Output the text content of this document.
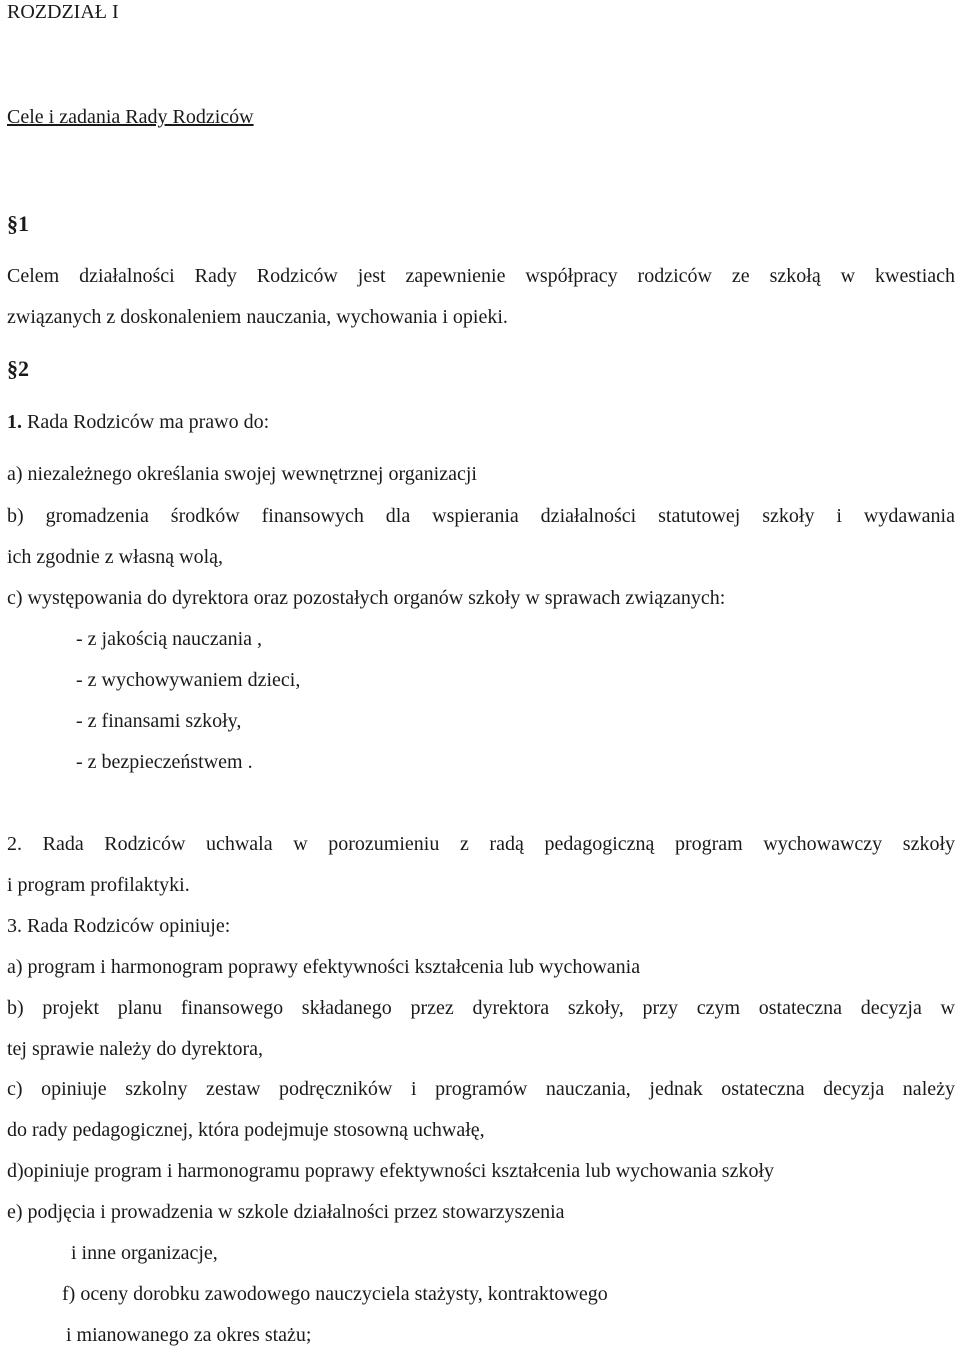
ROZDZIAŁ I
Cele i zadania Rady Rodziców
§1
Celem działalności Rady Rodziców jest zapewnienie współpracy rodziców ze szkołą w kwestiach
związanych z doskonaleniem nauczania, wychowania i opieki.
§2
1. Rada Rodziców ma prawo do:
a) niezależnego określania swojej wewnętrznej organizacji
b) gromadzenia środków finansowych dla wspierania działalności statutowej szkoły i wydawania
ich zgodnie z własną wolą,
c) występowania do dyrektora oraz pozostałych organów szkoły w sprawach związanych:
- z jakością nauczania ,
- z wychowywaniem dzieci,
- z finansami szkoły,
- z bezpieczeństwem .
2. Rada Rodziców uchwala w porozumieniu z radą pedagogiczną program wychowawczy szkoły
i program profilaktyki.
3. Rada Rodziców opiniuje:
a) program i harmonogram poprawy efektywności kształcenia lub wychowania
b) projekt planu finansowego składanego przez dyrektora szkoły, przy czym ostateczna decyzja w
tej sprawie należy do dyrektora,
c) opiniuje szkolny zestaw podręczników i programów nauczania, jednak ostateczna decyzja należy
do rady pedagogicznej, która podejmuje stosowną uchwałę,
d)opiniuje program i harmonogramu poprawy efektywności kształcenia lub wychowania szkoły
e) podjęcia i prowadzenia w szkole działalności przez stowarzyszenia
i inne organizacje,
f) oceny dorobku zawodowego nauczyciela stażysty, kontraktowego
i mianowanego za okres stażu;
